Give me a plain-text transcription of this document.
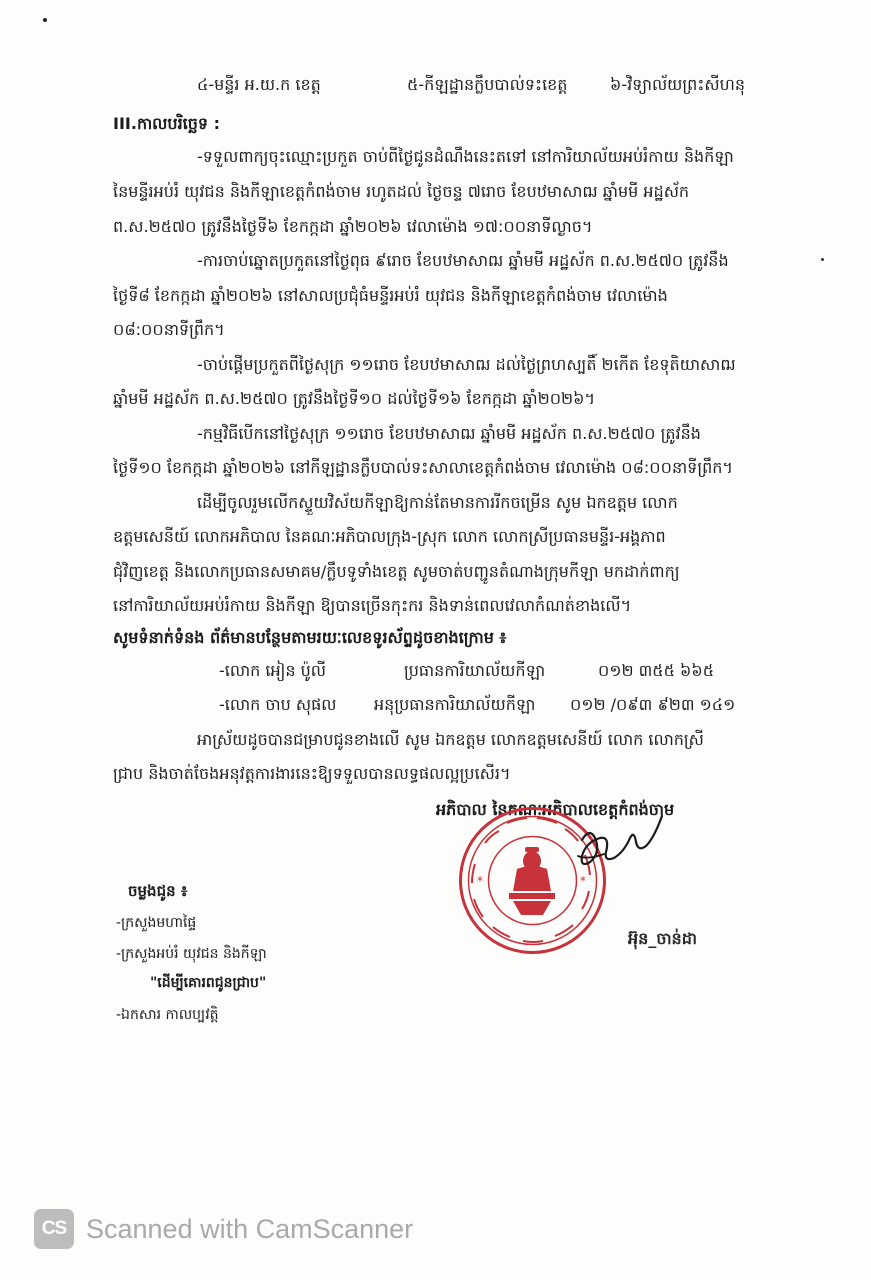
៤-មន្ទីរ អ.យ.ក ខេត្ត	៥-កីឡដ្ឋានក្លឹបបាល់ទះខេត្ត	៦-វិទ្យាល័យព្រះសីហនុ
III.កាលបរិច្ឆេទ :
-ទទួលពាក្យចុះឈ្មោះប្រកួត ចាប់ពីថ្ងៃជូនដំណឹងនេះតទៅ នៅការិយាល័យអប់រំកាយ និងកីឡា
នៃមន្ទីរអប់រំ យុវជន និងកីឡាខេត្តកំពង់ចាម រហូតដល់ ថ្ងៃចន្ទ ៧រោច ខែបឋមាសាឍ ឆ្នាំមមី អដ្ឋស័ក
ព.ស.២៥៧០ ត្រូវនឹងថ្ងៃទី៦ ខែកក្កដា ឆ្នាំ២០២៦ វេលាម៉ោង ១៧:០០នាទីល្ងាច។
-ការចាប់ឆ្នោតប្រកួតនៅថ្ងៃពុធ ៩រោច ខែបឋមាសាឍ ឆ្នាំមមី អដ្ឋស័ក ព.ស.២៥៧០ ត្រូវនឹង
ថ្ងៃទី៨ ខែកក្កដា ឆ្នាំ២០២៦ នៅសាលប្រជុំធំមន្ទីរអប់រំ យុវជន និងកីឡាខេត្តកំពង់ចាម វេលាម៉ោង
០៨:០០នាទីព្រឹក។
-ចាប់ផ្តើមប្រកួតពីថ្ងៃសុក្រ ១១រោច ខែបឋមាសាឍ ដល់ថ្ងៃព្រហស្បតិ៍ ២កើត ខែទុតិយាសាឍ
ឆ្នាំមមី អដ្ឋស័ក ព.ស.២៥៧០ ត្រូវនឹងថ្ងៃទី១០ ដល់ថ្ងៃទី១៦ ខែកក្កដា ឆ្នាំ២០២៦។
-កម្មវិធីបើកនៅថ្ងៃសុក្រ ១១រោច ខែបឋមាសាឍ ឆ្នាំមមី អដ្ឋស័ក ព.ស.២៥៧០ ត្រូវនឹង
ថ្ងៃទី១០ ខែកក្កដា ឆ្នាំ២០២៦ នៅកីឡដ្ឋានក្លឹបបាល់ទះសាលាខេត្តកំពង់ចាម វេលាម៉ោង ០៨:០០នាទីព្រឹក។
ដើម្បីចូលរួមលើកស្ទួយវិស័យកីឡាឱ្យកាន់តែមានការរីកចម្រើន សូម ឯកឧត្តម លោក
ឧត្តមសេនីយ៍ លោកអភិបាល នៃគណៈអភិបាលក្រុង-ស្រុក លោក លោកស្រីប្រធានមន្ទីរ-អង្គភាព
ជុំវិញខេត្ត និងលោកប្រធានសមាគម/ក្លឹបទូទាំងខេត្ត សូមចាត់បញ្ជូនតំណាងក្រុមកីឡា មកដាក់ពាក្យ
នៅការិយាល័យអប់រំកាយ និងកីឡា ឱ្យបានច្រើនកុះករ និងទាន់ពេលវេលាកំណត់ខាងលើ។
សូមទំនាក់ទំនង ព័ត៌មានបន្ថែមតាមរយៈលេខទូរស័ព្ទដូចខាងក្រោម ៖
-លោក អៀន ប៉ូលី	ប្រធានការិយាល័យកីឡា	០១២ ៣៥៥ ៦៦៥
-លោក ចាប សុផល អនុប្រធានការិយាល័យកីឡា ០១២ /០៩៣ ៩២៣ ១៤១
អាស្រ័យដូចបានជម្រាបជូនខាងលើ សូម ឯកឧត្តម លោកឧត្តមសេនីយ៍ លោក លោកស្រី
ជ្រាប និងចាត់ចែងអនុវត្តការងារនេះឱ្យទទួលបានលទ្ធផលល្អប្រសើរ។
អភិបាល នៃគណៈអភិបាលខេត្តកំពង់ចាម
*	*
អ៊ុន_ចាន់ដា
ចម្លងជូន ៖
-ក្រសួងមហាផ្ទៃ
-ក្រសួងអប់រំ យុវជន និងកីឡា
"ដើម្បីគោរពជូនជ្រាប"
-ឯកសារ កាលប្បវត្តិ
CS Scanned with CamScanner
